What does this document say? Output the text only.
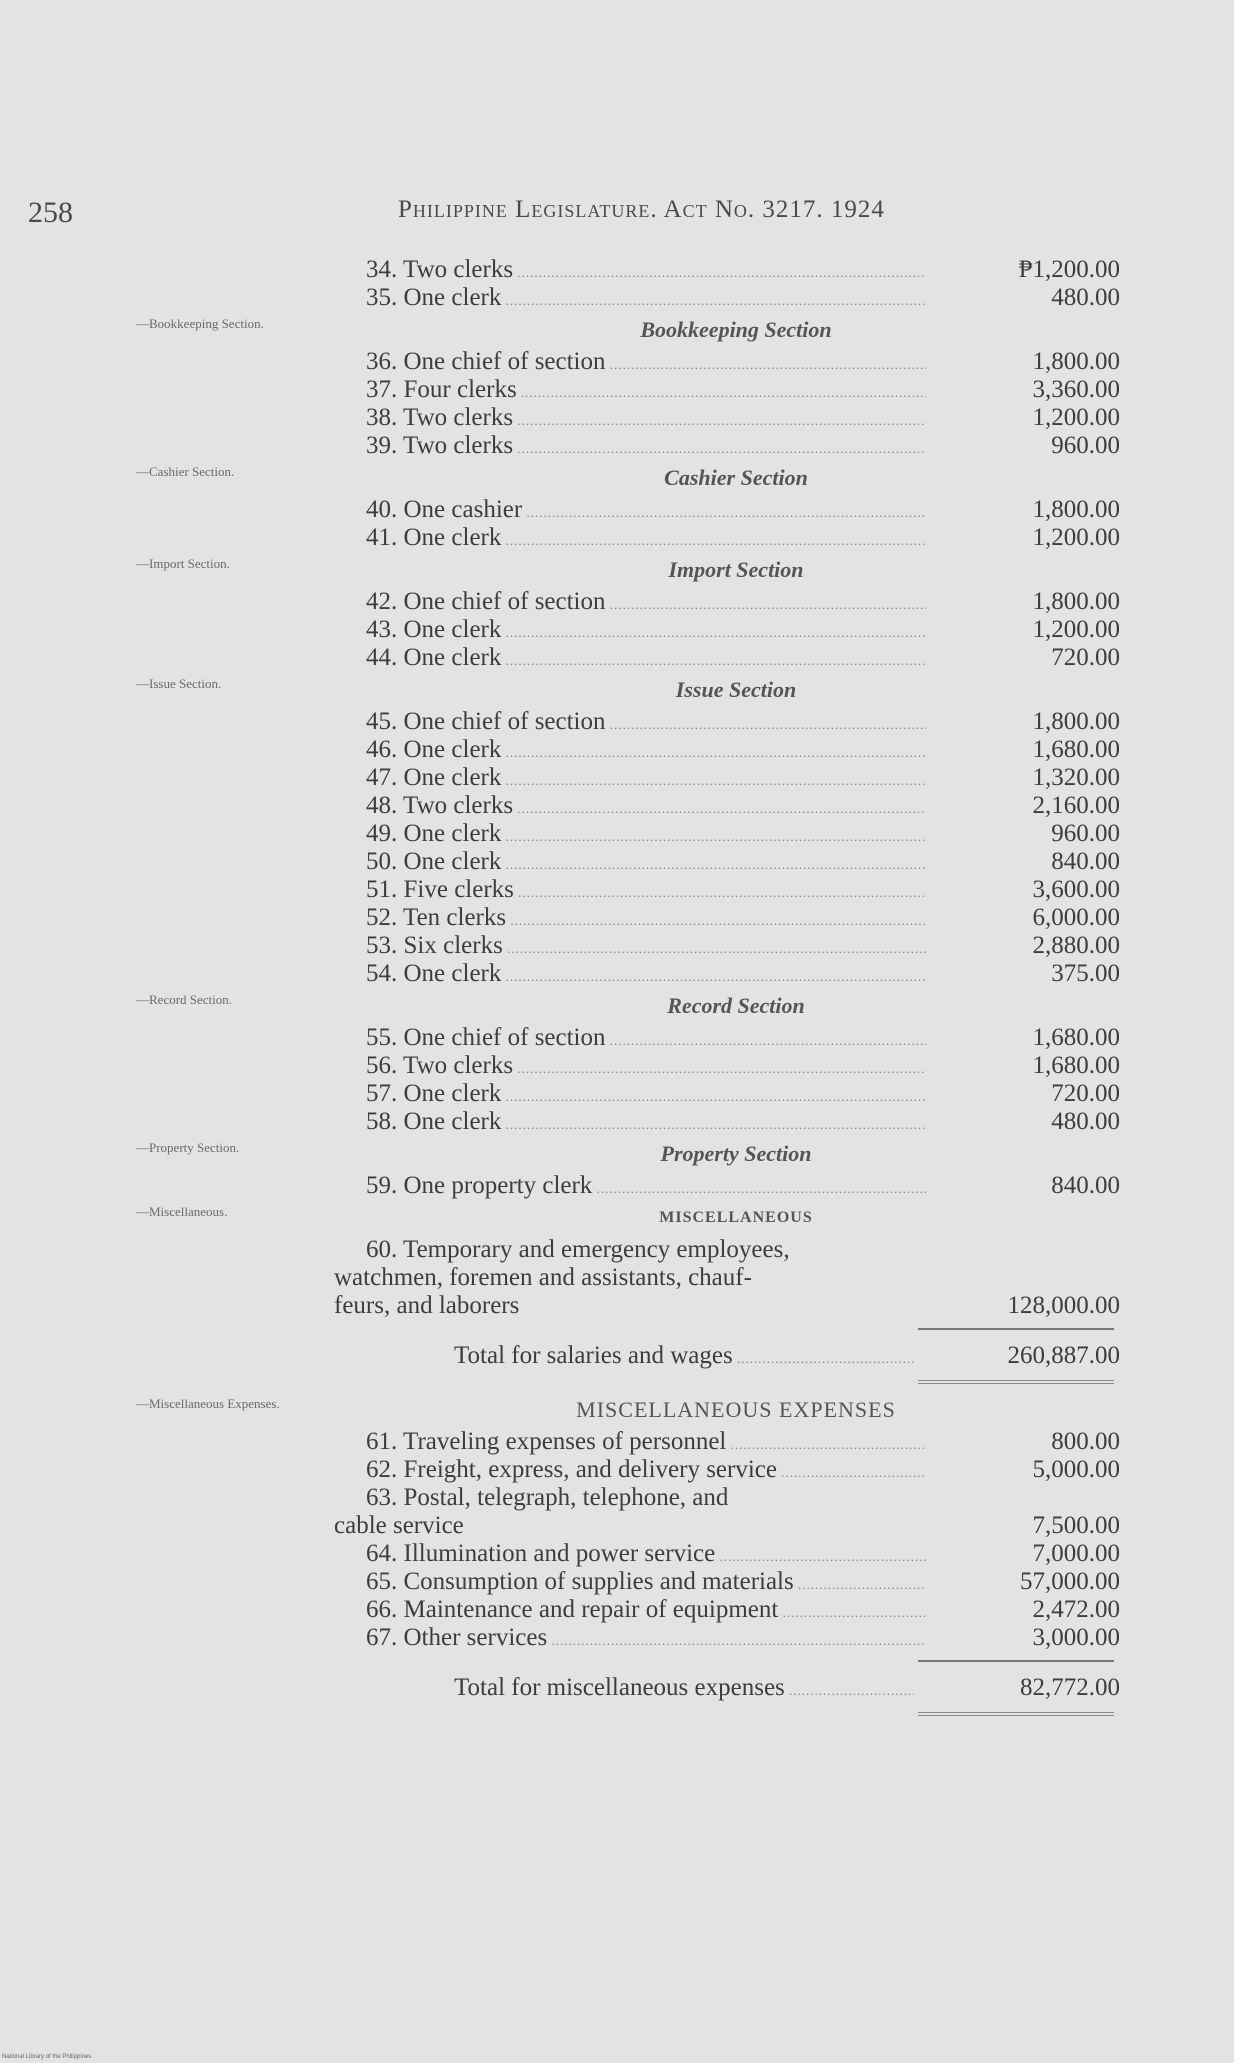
258	Philippine Legislature. Act No. 3217. 1924
34. Two clerks .....	₱1,200.00
35. One clerk .....	480.00
—Bookkeeping Section.	Bookkeeping Section
36. One chief of section .....	1,800.00
37. Four clerks .....	3,360.00
38. Two clerks .....	1,200.00
39. Two clerks .....	960.00
—Cashier Section.	Cashier Section
40. One cashier .....	1,800.00
41. One clerk .....	1,200.00
—Import Section.	Import Section
42. One chief of section .....	1,800.00
43. One clerk .....	1,200.00
44. One clerk .....	720.00
—Issue Section.	Issue Section
45. One chief of section .....	1,800.00
46. One clerk .....	1,680.00
47. One clerk .....	1,320.00
48. Two clerks .....	2,160.00
49. One clerk .....	960.00
50. One clerk .....	840.00
51. Five clerks .....	3,600.00
52. Ten clerks .....	6,000.00
53. Six clerks .....	2,880.00
54. One clerk .....	375.00
—Record Section.	Record Section
55. One chief of section .....	1,680.00
56. Two clerks .....	1,680.00
57. One clerk .....	720.00
58. One clerk .....	480.00
—Property Section.	Property Section
59. One property clerk .....	840.00
—Miscellaneous.	MISCELLANEOUS
60. Temporary and emergency employees,
watchmen, foremen and assistants, chauf-
feurs, and laborers	128,000.00
Total for salaries and wages .....	260,887.00
—Miscellaneous Expenses.	MISCELLANEOUS EXPENSES
61. Traveling expenses of personnel .....	800.00
62. Freight, express, and delivery service .....	5,000.00
63. Postal, telegraph, telephone, and
cable service	7,500.00
64. Illumination and power service .....	7,000.00
65. Consumption of supplies and materials .....	57,000.00
66. Maintenance and repair of equipment .....	2,472.00
67. Other services .....	3,000.00
Total for miscellaneous expenses .....	82,772.00
National Library of the Philippines
